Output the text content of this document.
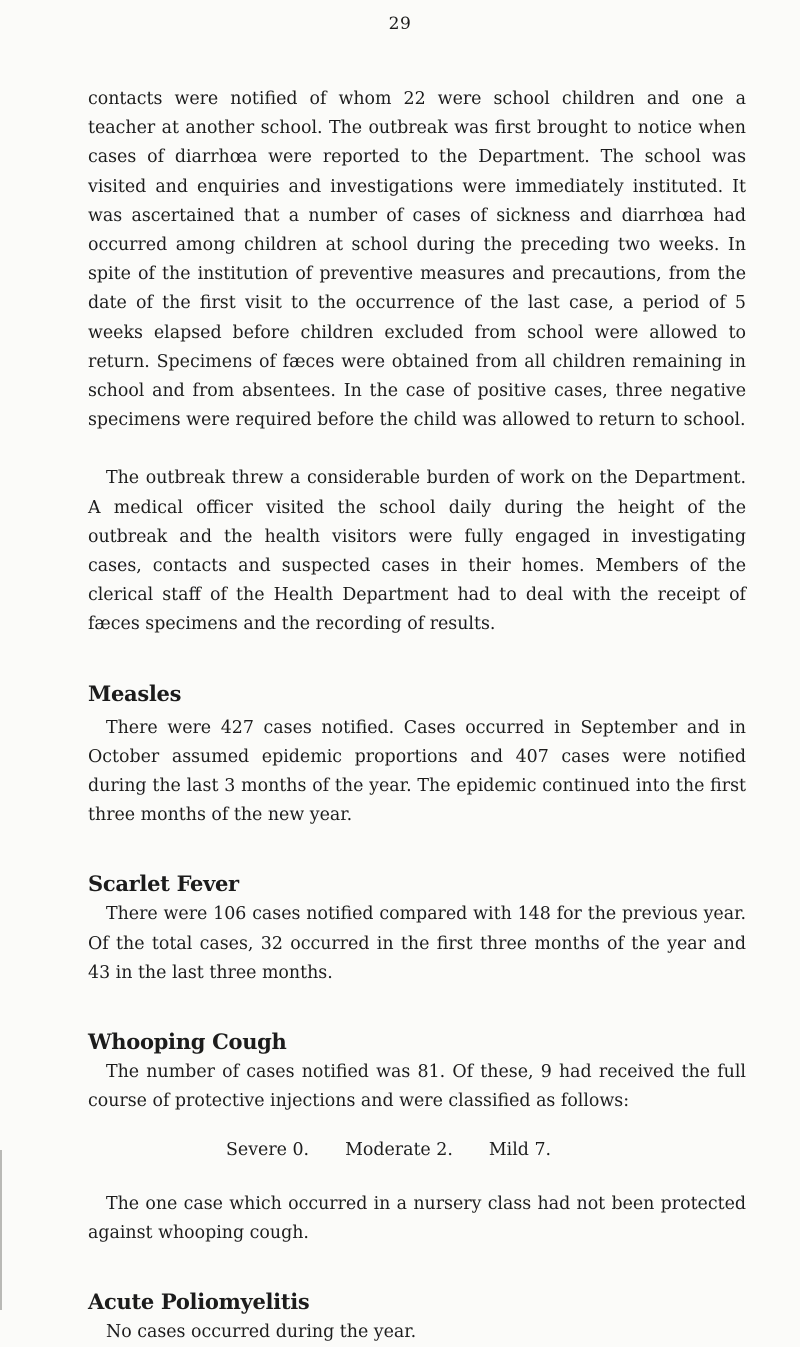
29

contacts were notified of whom 22 were school children and one a teacher at another school. The outbreak was first brought to notice when cases of diarrhœa were reported to the Department. The school was visited and enquiries and investigations were immediately instituted. It was ascertained that a number of cases of sickness and diarrhœa had occurred among children at school during the preceding two weeks. In spite of the institution of preventive measures and precautions, from the date of the first visit to the occurrence of the last case, a period of 5 weeks elapsed before children excluded from school were allowed to return. Specimens of fæces were obtained from all children remaining in school and from absentees. In the case of positive cases, three negative specimens were required before the child was allowed to return to school.

The outbreak threw a considerable burden of work on the Department. A medical officer visited the school daily during the height of the outbreak and the health visitors were fully engaged in investigating cases, contacts and suspected cases in their homes. Members of the clerical staff of the Health Department had to deal with the receipt of fæces specimens and the recording of results.

Measles

There were 427 cases notified. Cases occurred in September and in October assumed epidemic proportions and 407 cases were notified during the last 3 months of the year. The epidemic continued into the first three months of the new year.

Scarlet Fever

There were 106 cases notified compared with 148 for the previous year. Of the total cases, 32 occurred in the first three months of the year and 43 in the last three months.

Whooping Cough

The number of cases notified was 81. Of these, 9 had received the full course of protective injections and were classified as follows:

Severe 0. Moderate 2. Mild 7.

The one case which occurred in a nursery class had not been protected against whooping cough.

Acute Poliomyelitis

No cases occurred during the year.
